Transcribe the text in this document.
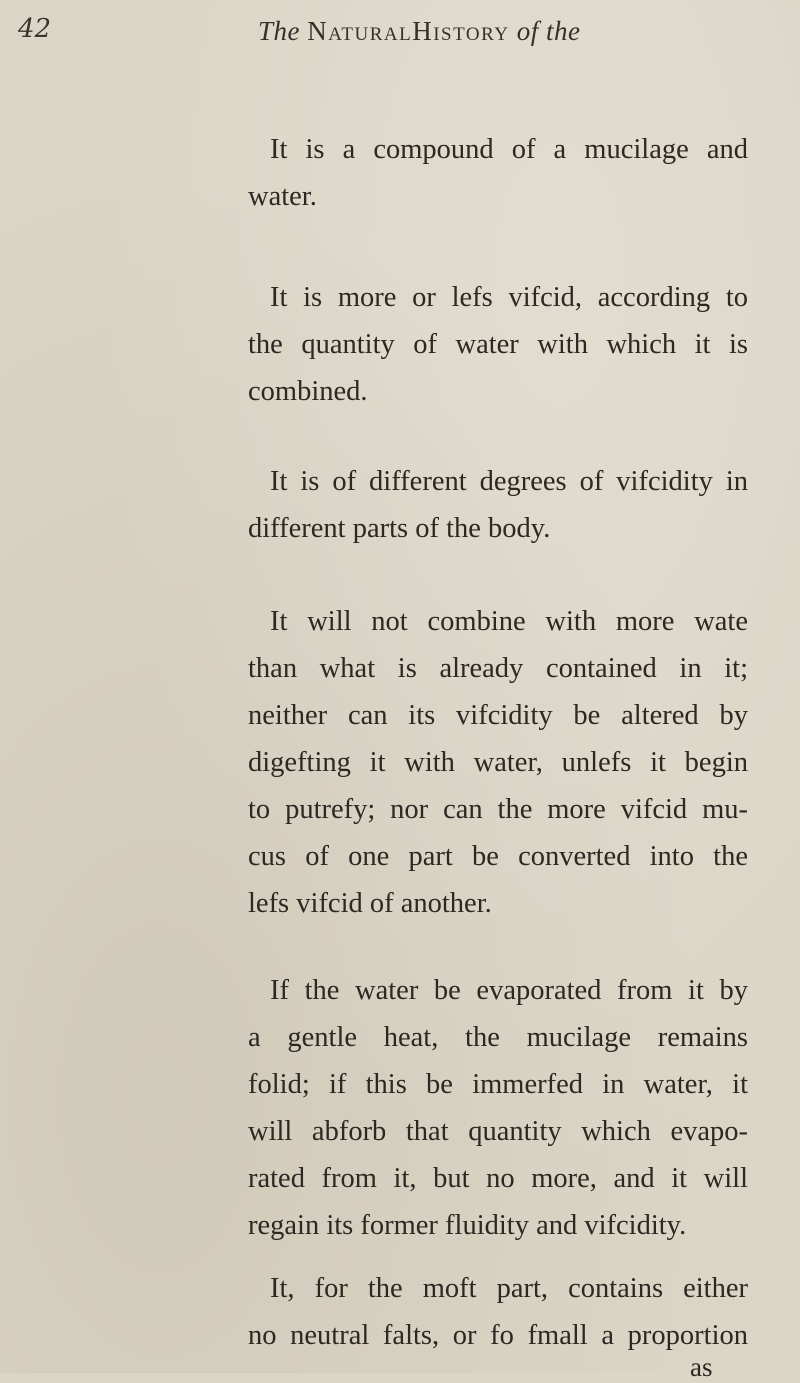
42	The NaturalHistory of the
It is a compound of a mucilage and
water.
It is more or lefs vifcid, according to
the quantity of water with which it is
combined.
It is of different degrees of vifcidity in
different parts of the body.
It will not combine with more wate
than what is already contained in it;
neither can its vifcidity be altered by
digefting it with water, unlefs it begin
to putrefy; nor can the more vifcid mu-
cus of one part be converted into the
lefs vifcid of another.
If the water be evaporated from it by
a gentle heat, the mucilage remains
folid; if this be immerfed in water, it
will abforb that quantity which evapo-
rated from it, but no more, and it will
regain its former fluidity and vifcidity.
It, for the moft part, contains either
no neutral falts, or fo fmall a proportion
as
